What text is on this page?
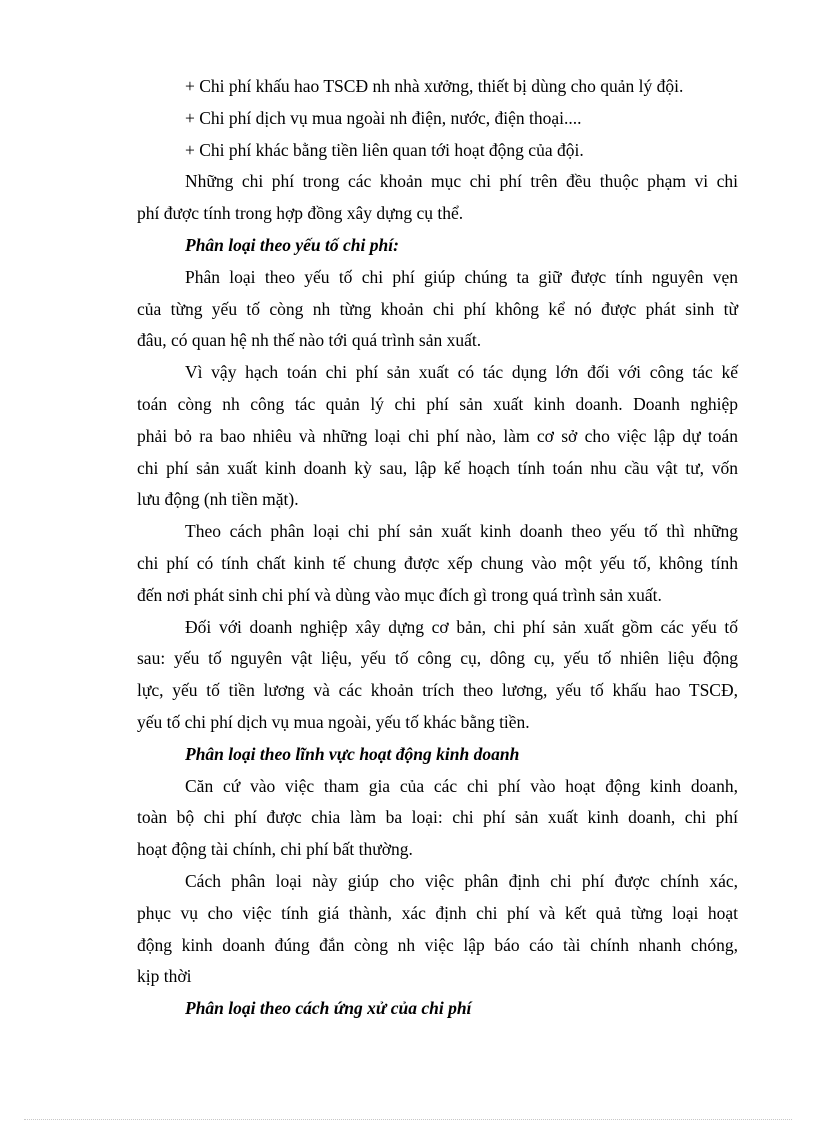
+ Chi phí khấu hao TSCĐ nh nhà xưởng, thiết bị dùng cho quản lý đội.
+ Chi phí dịch vụ mua ngoài nh điện, nước, điện thoại....
+ Chi phí khác bằng tiền liên quan tới hoạt động của đội.
Những chi phí trong các khoản mục chi phí trên đều thuộc phạm vi chi
phí được tính trong hợp đồng xây dựng cụ thể.
Phân loại theo yếu tố chi phí:
Phân loại theo yếu tố chi phí giúp chúng ta giữ được tính nguyên vẹn
của từng yếu tố còng nh từng khoản chi phí không kể nó được phát sinh từ
đâu, có quan hệ nh thế nào tới quá trình sản xuất.
Vì vậy hạch toán chi phí sản xuất có tác dụng lớn đối với công tác kế
toán còng nh công tác quản lý chi phí sản xuất kinh doanh. Doanh nghiệp
phải bỏ ra bao nhiêu và những loại chi phí nào, làm cơ sở cho việc lập dự toán
chi phí sản xuất kinh doanh kỳ sau, lập kế hoạch tính toán nhu cầu vật tư, vốn
lưu động (nh tiền mặt).
Theo cách phân loại chi phí sản xuất kinh doanh theo yếu tố thì những
chi phí có tính chất kinh tế chung được xếp chung vào một yếu tố, không tính
đến nơi phát sinh chi phí và dùng vào mục đích gì trong quá trình sản xuất.
Đối với doanh nghiệp xây dựng cơ bản, chi phí sản xuất gồm các yếu tố
sau: yếu tố nguyên vật liệu, yếu tố công cụ, dông cụ, yếu tố nhiên liệu động
lực, yếu tố tiền lương và các khoản trích theo lương, yếu tố khấu hao TSCĐ,
yếu tố chi phí dịch vụ mua ngoài, yếu tố khác bằng tiền.
Phân loại theo lĩnh vực hoạt động kinh doanh
Căn cứ vào việc tham gia của các chi phí vào hoạt động kinh doanh,
toàn bộ chi phí được chia làm ba loại: chi phí sản xuất kinh doanh, chi phí
hoạt động tài chính, chi phí bất thường.
Cách phân loại này giúp cho việc phân định chi phí được chính xác,
phục vụ cho việc tính giá thành, xác định chi phí và kết quả từng loại hoạt
động kinh doanh đúng đắn còng nh việc lập báo cáo tài chính nhanh chóng,
kịp thời
Phân loại theo cách ứng xử của chi phí
